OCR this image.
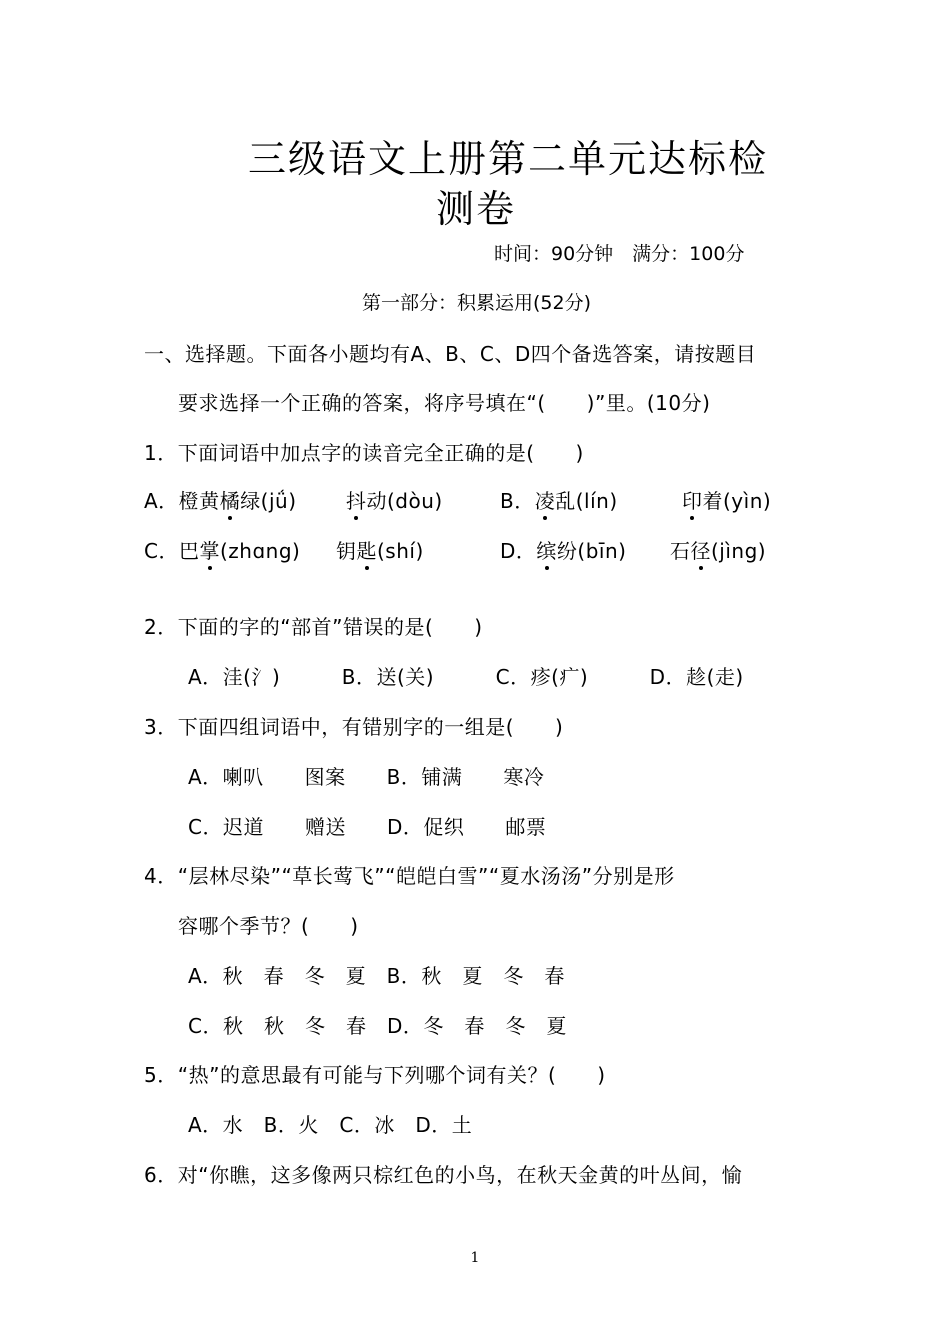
三级语文上册第二单元达标检
测卷
时间：90分钟　满分：100分
第一部分：积累运用(52分)
一、选择题。下面各小题均有A、B、C、D四个备选答案，请按题目
要求选择一个正确的答案，将序号填在“(　　)”里。(10分)
1．下面词语中加点字的读音完全正确的是(　　)
A．橙黄橘绿(jǘ) 抖动(dòu)	B．凌乱(lín)	印着(yìn)
C．巴掌(zhɑng) 钥匙(shí)	D．缤纷(bīn) 石径(jìng)
2．下面的字的“部首”错误的是(　　)
A．洼(氵)　　　B．送(关)　　　C．疹(疒)　　　D．趁(走)
3．下面四组词语中，有错别字的一组是(　　)
A．喇叭　　图案　　B．铺满　　寒冷
C．迟道　　赠送　　D．促织　　邮票
4．“层林尽染”“草长莺飞”“皑皑白雪”“夏水汤汤”分别是形
容哪个季节？(　　)
A．秋　春　冬　夏　B．秋　夏　冬　春
C．秋　秋　冬　春　D．冬　春　冬　夏
5．“热”的意思最有可能与下列哪个词有关？(　　)
A．水　B．火　C．冰　D．土
6．对“你瞧，这多像两只棕红色的小鸟，在秋天金黄的叶丛间，愉
1
